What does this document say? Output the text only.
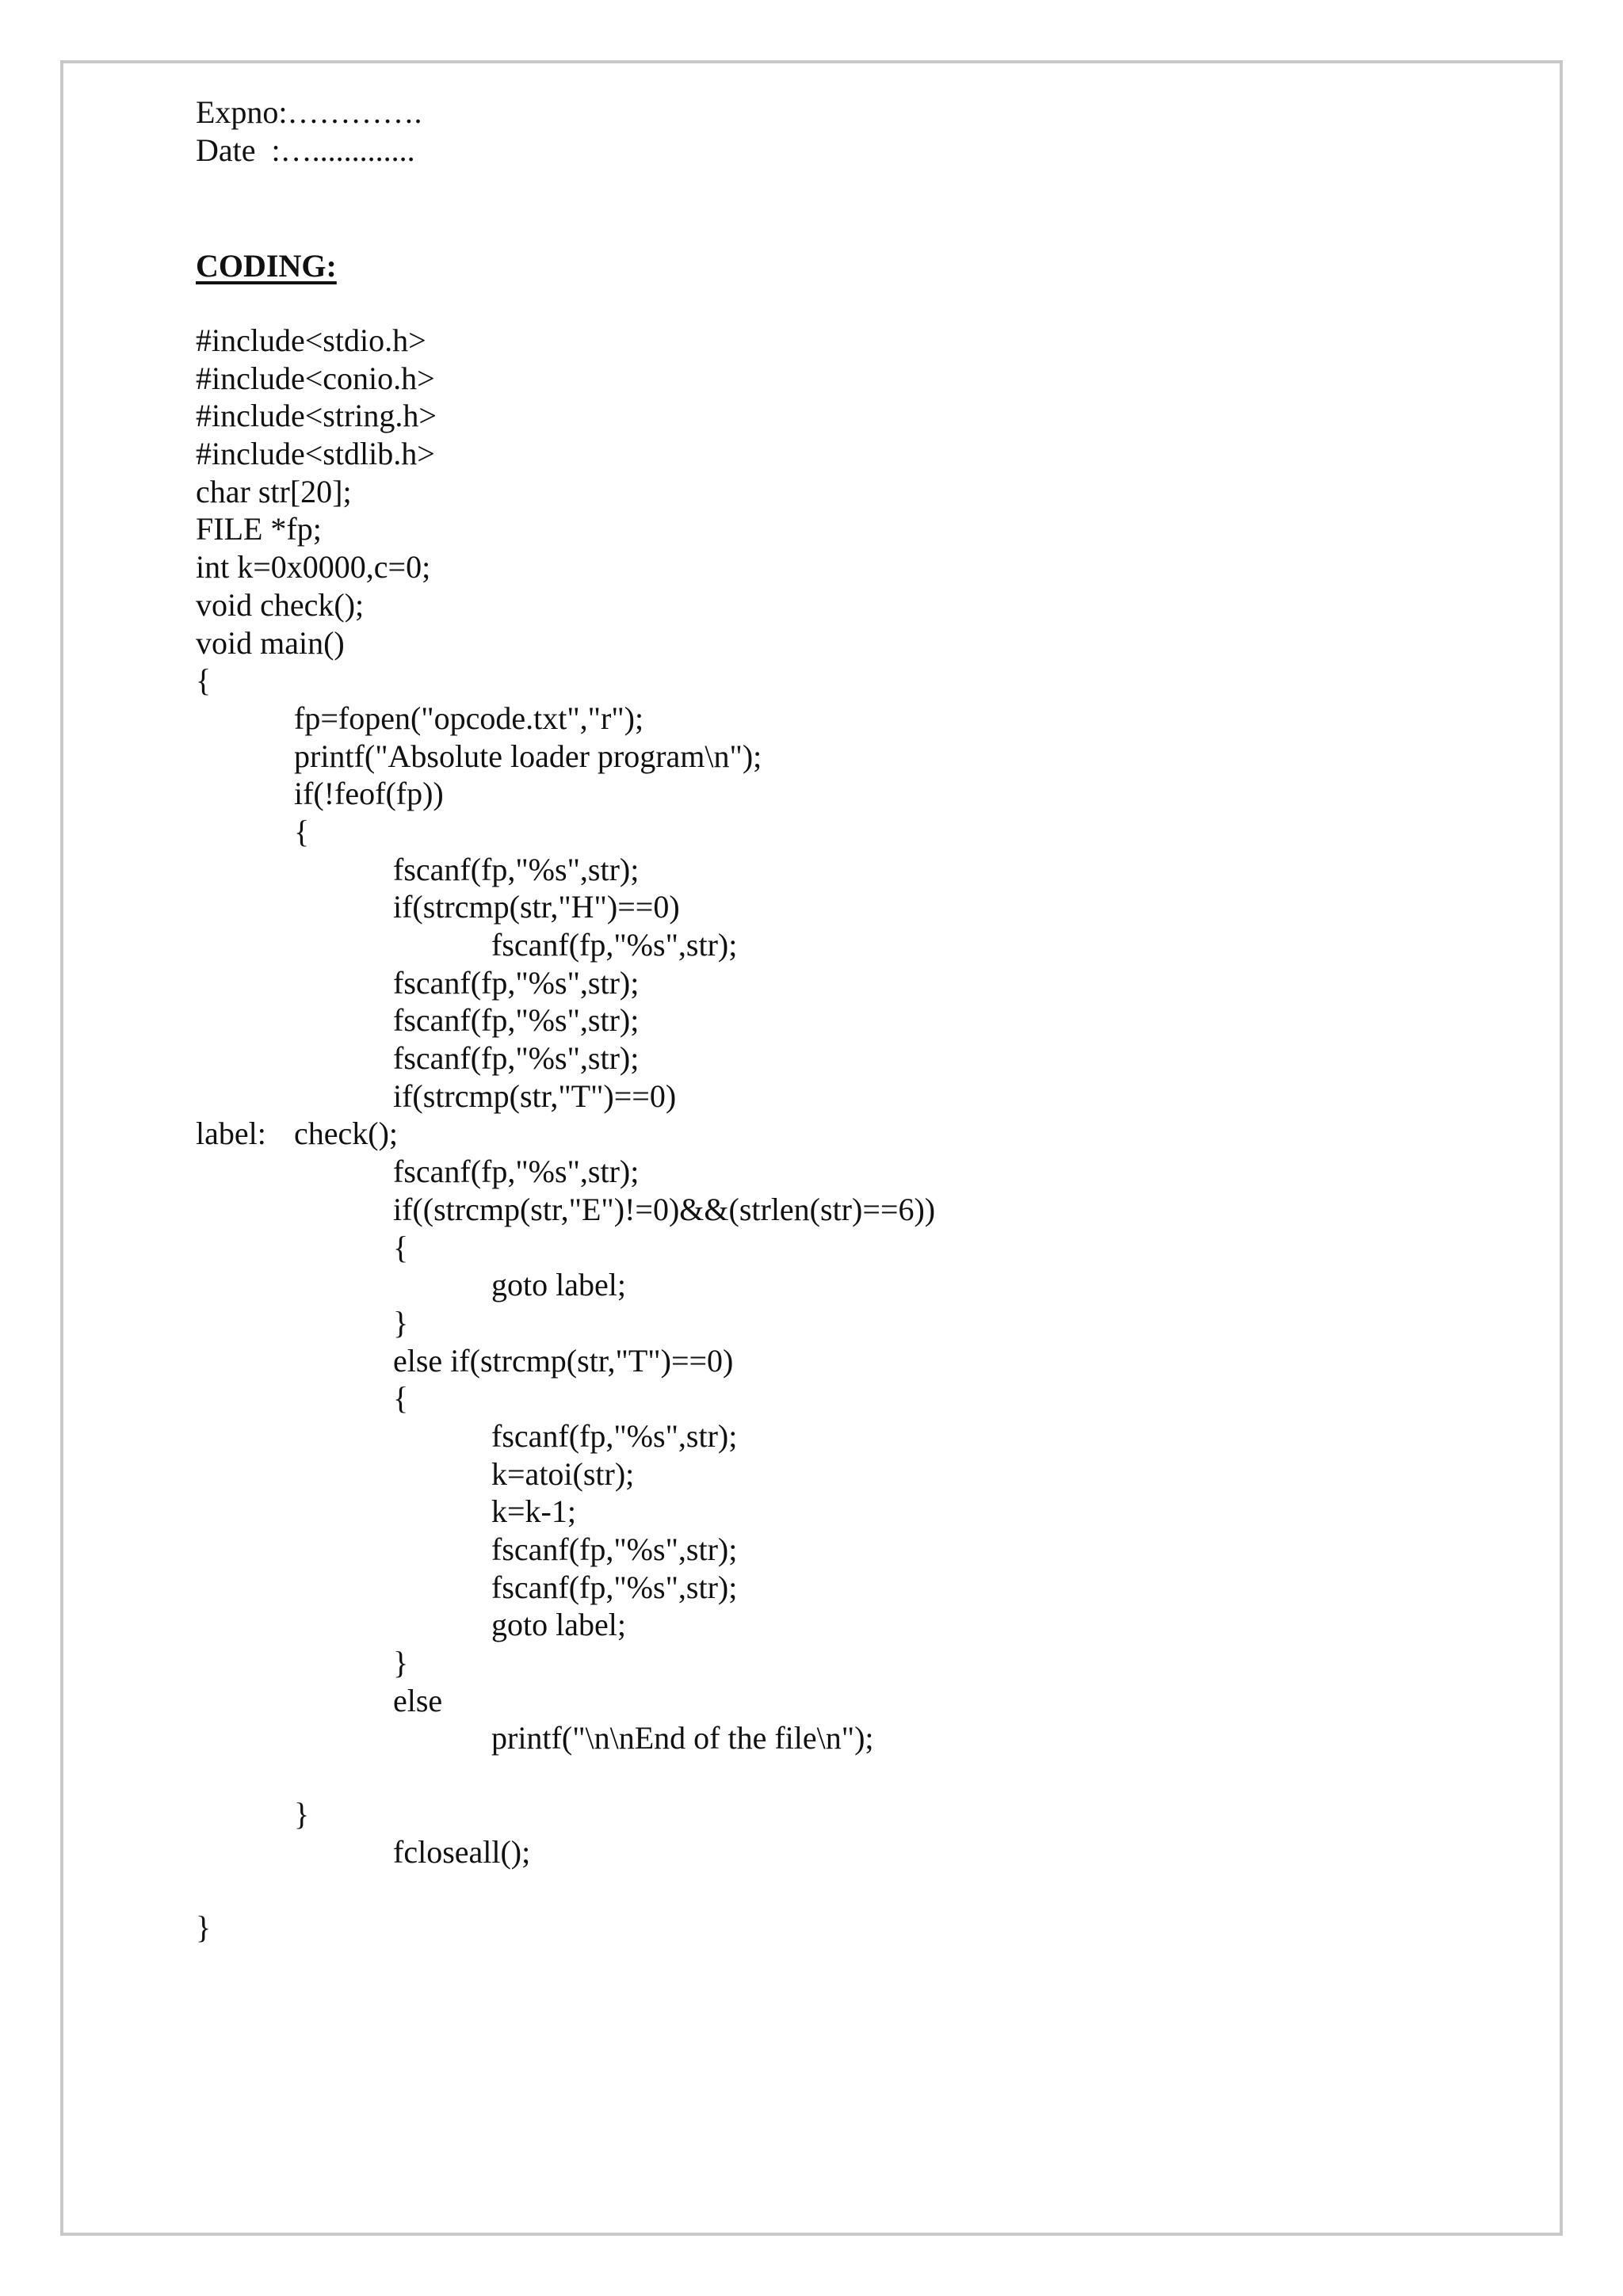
Expno:………….
Date  :….............
CODING:
#include<stdio.h>
#include<conio.h>
#include<string.h>
#include<stdlib.h>
char str[20];
FILE *fp;
int k=0x0000,c=0;
void check();
void main()
{
fp=fopen("opcode.txt","r");
printf("Absolute loader program\n");
if(!feof(fp))
{
fscanf(fp,"%s",str);
if(strcmp(str,"H")==0)
fscanf(fp,"%s",str);
fscanf(fp,"%s",str);
fscanf(fp,"%s",str);
fscanf(fp,"%s",str);
if(strcmp(str,"T")==0)
label: check();
fscanf(fp,"%s",str);
if((strcmp(str,"E")!=0)&&(strlen(str)==6))
{
goto label;
}
else if(strcmp(str,"T")==0)
{
fscanf(fp,"%s",str);
k=atoi(str);
k=k-1;
fscanf(fp,"%s",str);
fscanf(fp,"%s",str);
goto label;
}
else
printf("\n\nEnd of the file\n");
}
fcloseall();
}
